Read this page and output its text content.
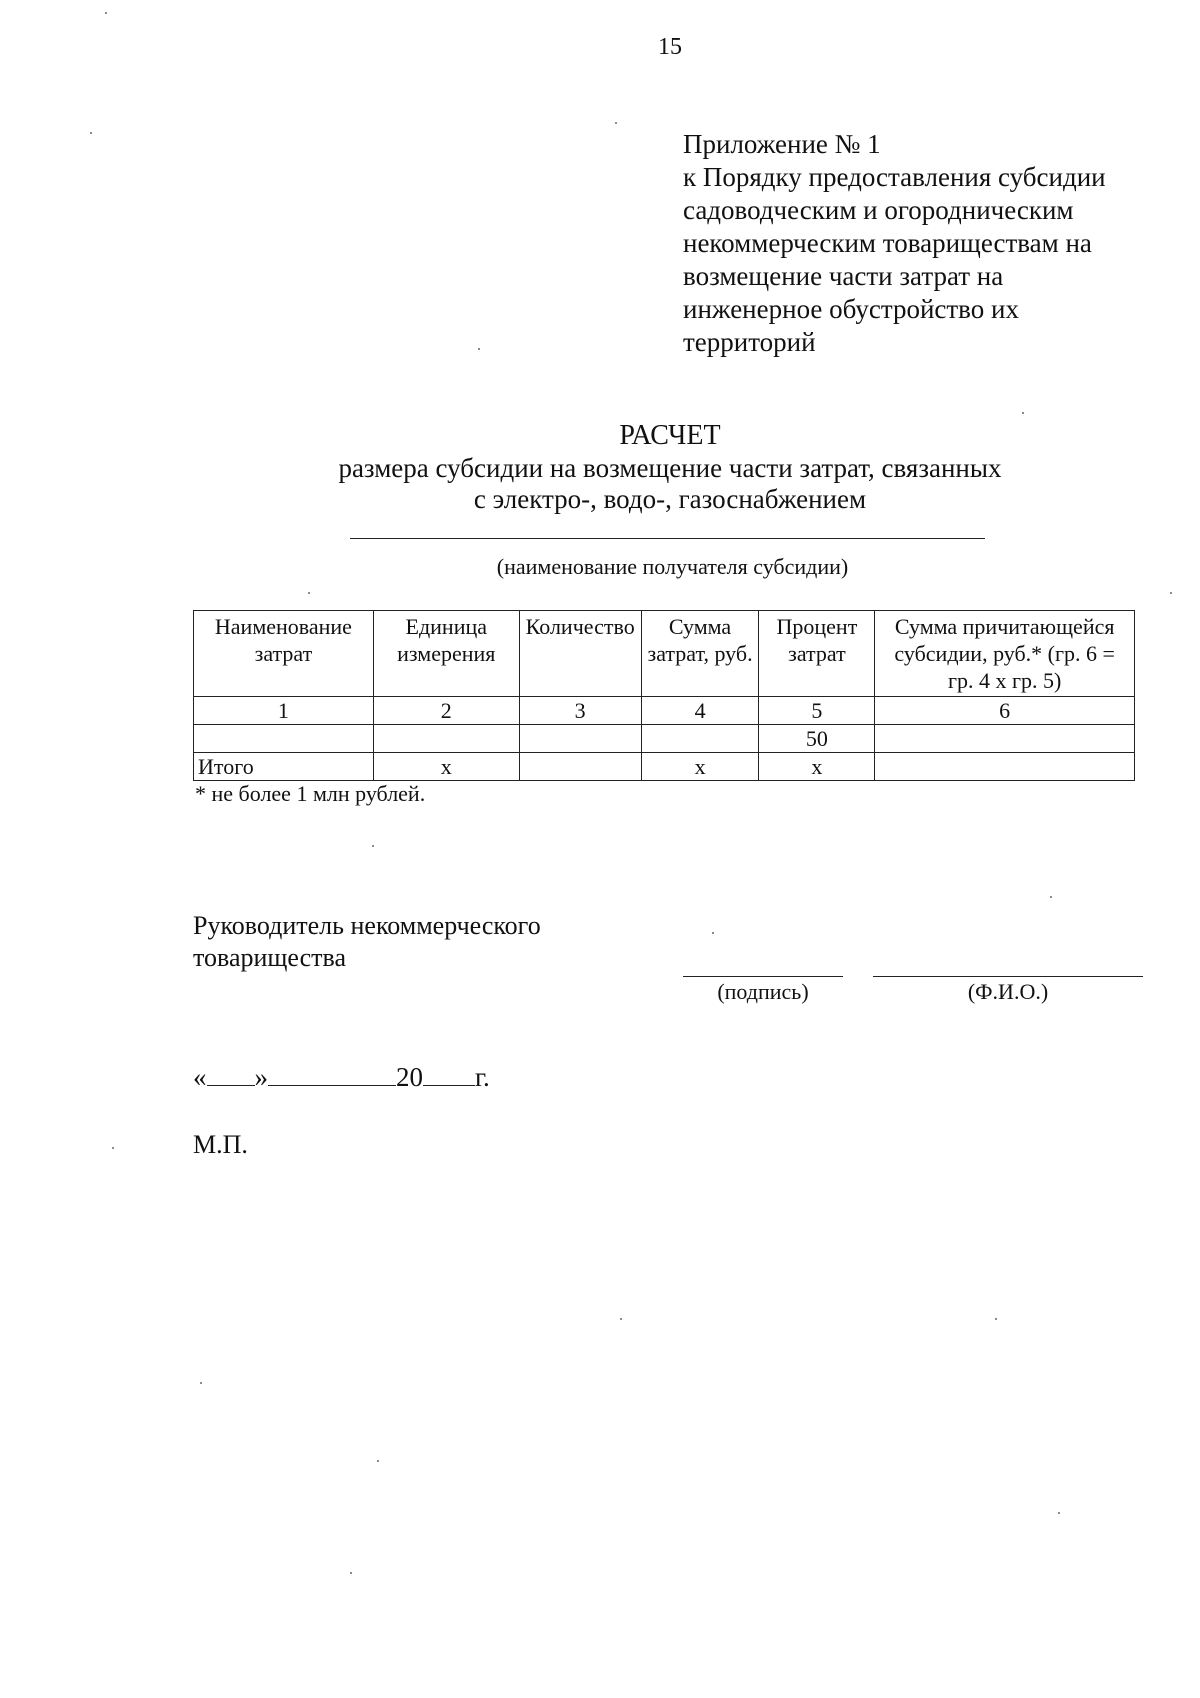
15
Приложение № 1
к Порядку предоставления субсидии
садоводческим и огородническим
некоммерческим товариществам на
возмещение части затрат на
инженерное обустройство их
территорий
РАСЧЕТ
размера субсидии на возмещение части затрат, связанных
с электро-, водо-, газоснабжением
(наименование получателя субсидии)
Наименование затрат	Единица измерения	Количество	Сумма затрат, руб.	Процент затрат	Сумма причитающейся субсидии, руб.* (гр. 6 = гр. 4 х гр. 5)
1	2	3	4	5	6
				50	
Итого	х		х	х	
* не более 1 млн рублей.
Руководитель некоммерческого
товарищества
(подпись)	(Ф.И.О.)
« »	20 г.
М.П.
